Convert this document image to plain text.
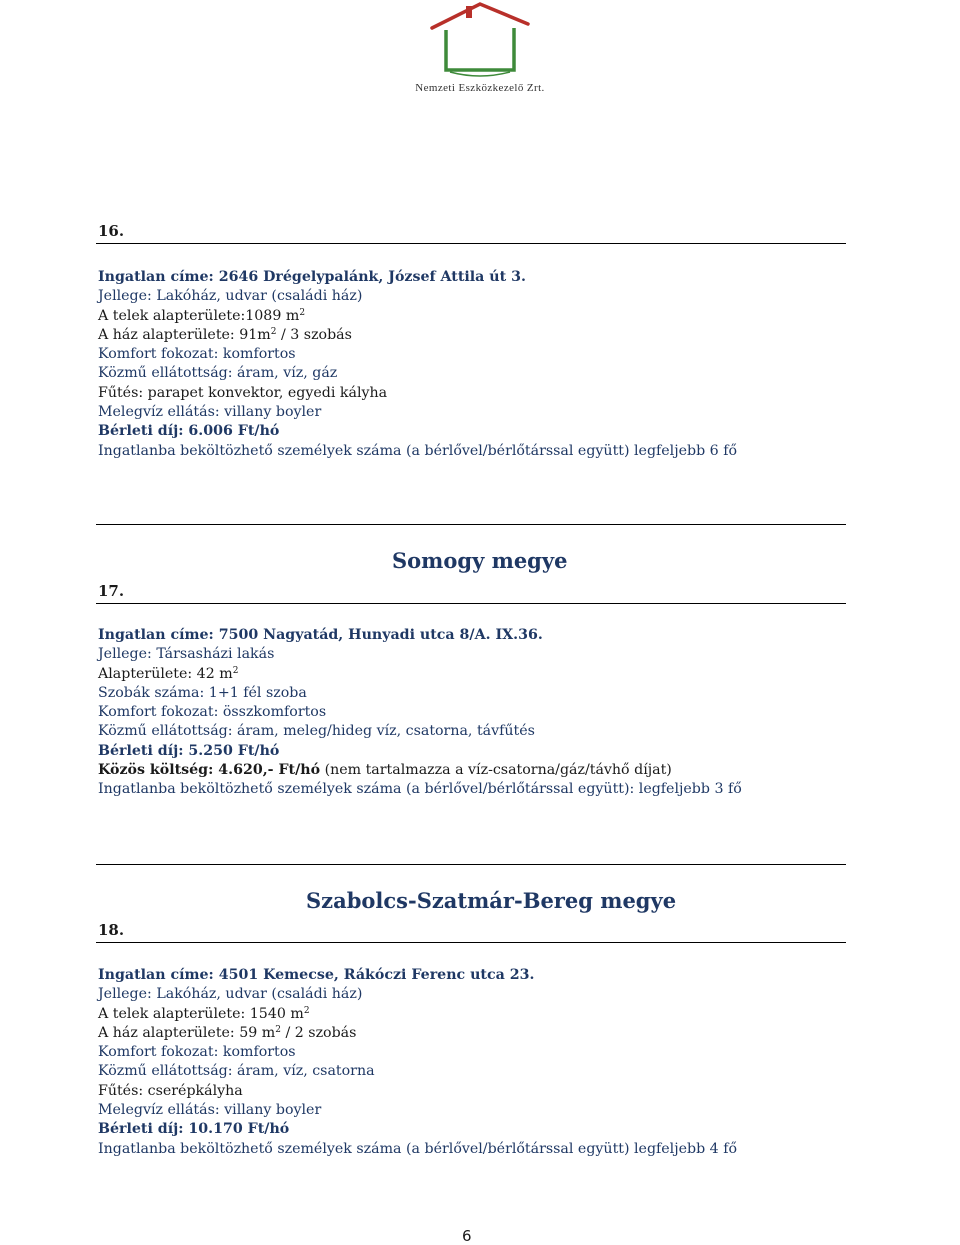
Nemzeti Eszközkezelő Zrt.
16.
Ingatlan címe: 2646 Drégelypalánk, József Attila út 3.
Jellege: Lakóház, udvar (családi ház)
A telek alapterülete:1089 $m^2$
A ház alapterülete: $91m^2 / 3$ szobás
Komfort fokozat: komfortos
Közmű ellátottság: áram, víz, gáz
Fűtés: parapet konvektor, egyedi kályha
Melegvíz ellátás: villany boyler
Bérleti díj: 6.006 Ft/hó
Ingatlanba beköltözhető személyek száma (a bérlővel/bérlőtárssal együtt) legfeljebb 6 fő
Somogy megye
17.
Ingatlan címe: 7500 Nagyatád, Hunyadi utca 8/A. IX.36.
Jellege: Társasházi lakás
Alapterülete: 42 $m^2$
Szobák száma: 1+1 fél szoba
Komfort fokozat: összkomfortos
Közmű ellátottság: áram, meleg/hideg víz, csatorna, távfűtés
Bérleti díj: 5.250 Ft/hó
Közös költség: 4.620,- Ft/hó (nem tartalmazza a víz-csatorna/gáz/távhő díjat)
Ingatlanba beköltözhető személyek száma (a bérlővel/bérlőtárssal együtt): legfeljebb 3 fő
Szabolcs-Szatmár-Bereg megye
18.
Ingatlan címe: 4501 Kemecse, Rákóczi Ferenc utca 23.
Jellege: Lakóház, udvar (családi ház)
A telek alapterülete: 1540 $m^2$
A ház alapterülete: 59 $m^2 / 2$ szobás
Komfort fokozat: komfortos
Közmű ellátottság: áram, víz, csatorna
Fűtés: cserépkályha
Melegvíz ellátás: villany boyler
Bérleti díj: 10.170 Ft/hó
Ingatlanba beköltözhető személyek száma (a bérlővel/bérlőtárssal együtt) legfeljebb 4 fő
6
